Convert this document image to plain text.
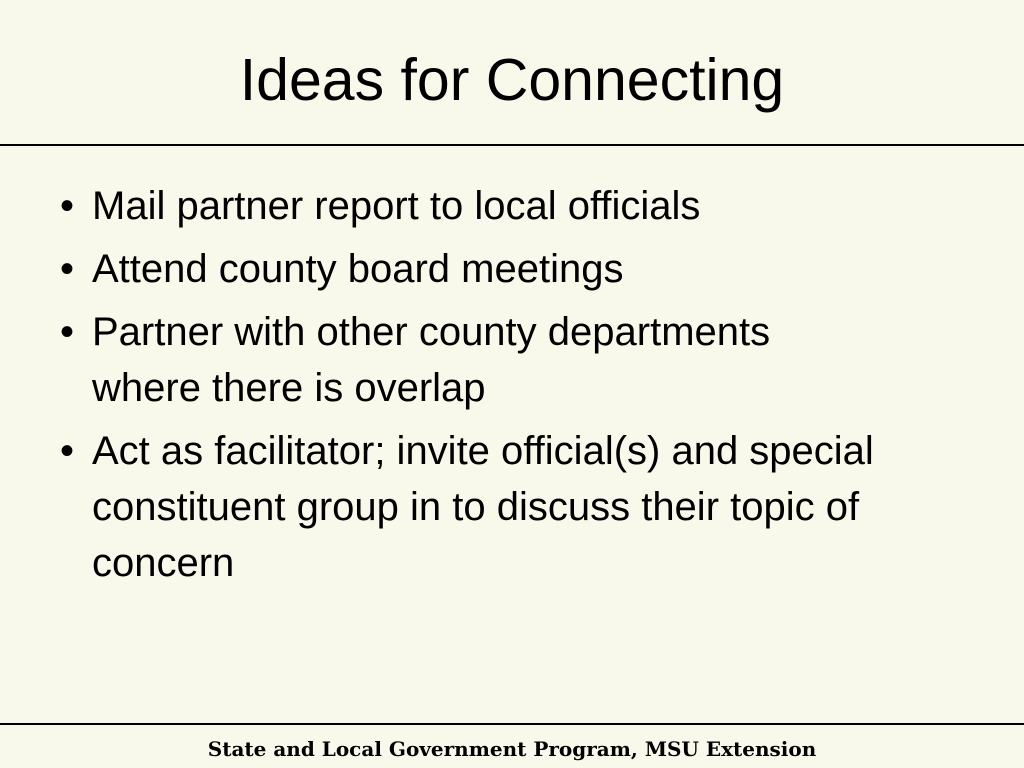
Ideas for Connecting
• Mail partner report to local officials
• Attend county board meetings
• Partner with other county departments where there is overlap
• Act as facilitator; invite official(s) and special constituent group in to discuss their topic of concern
State and Local Government Program, MSU Extension
